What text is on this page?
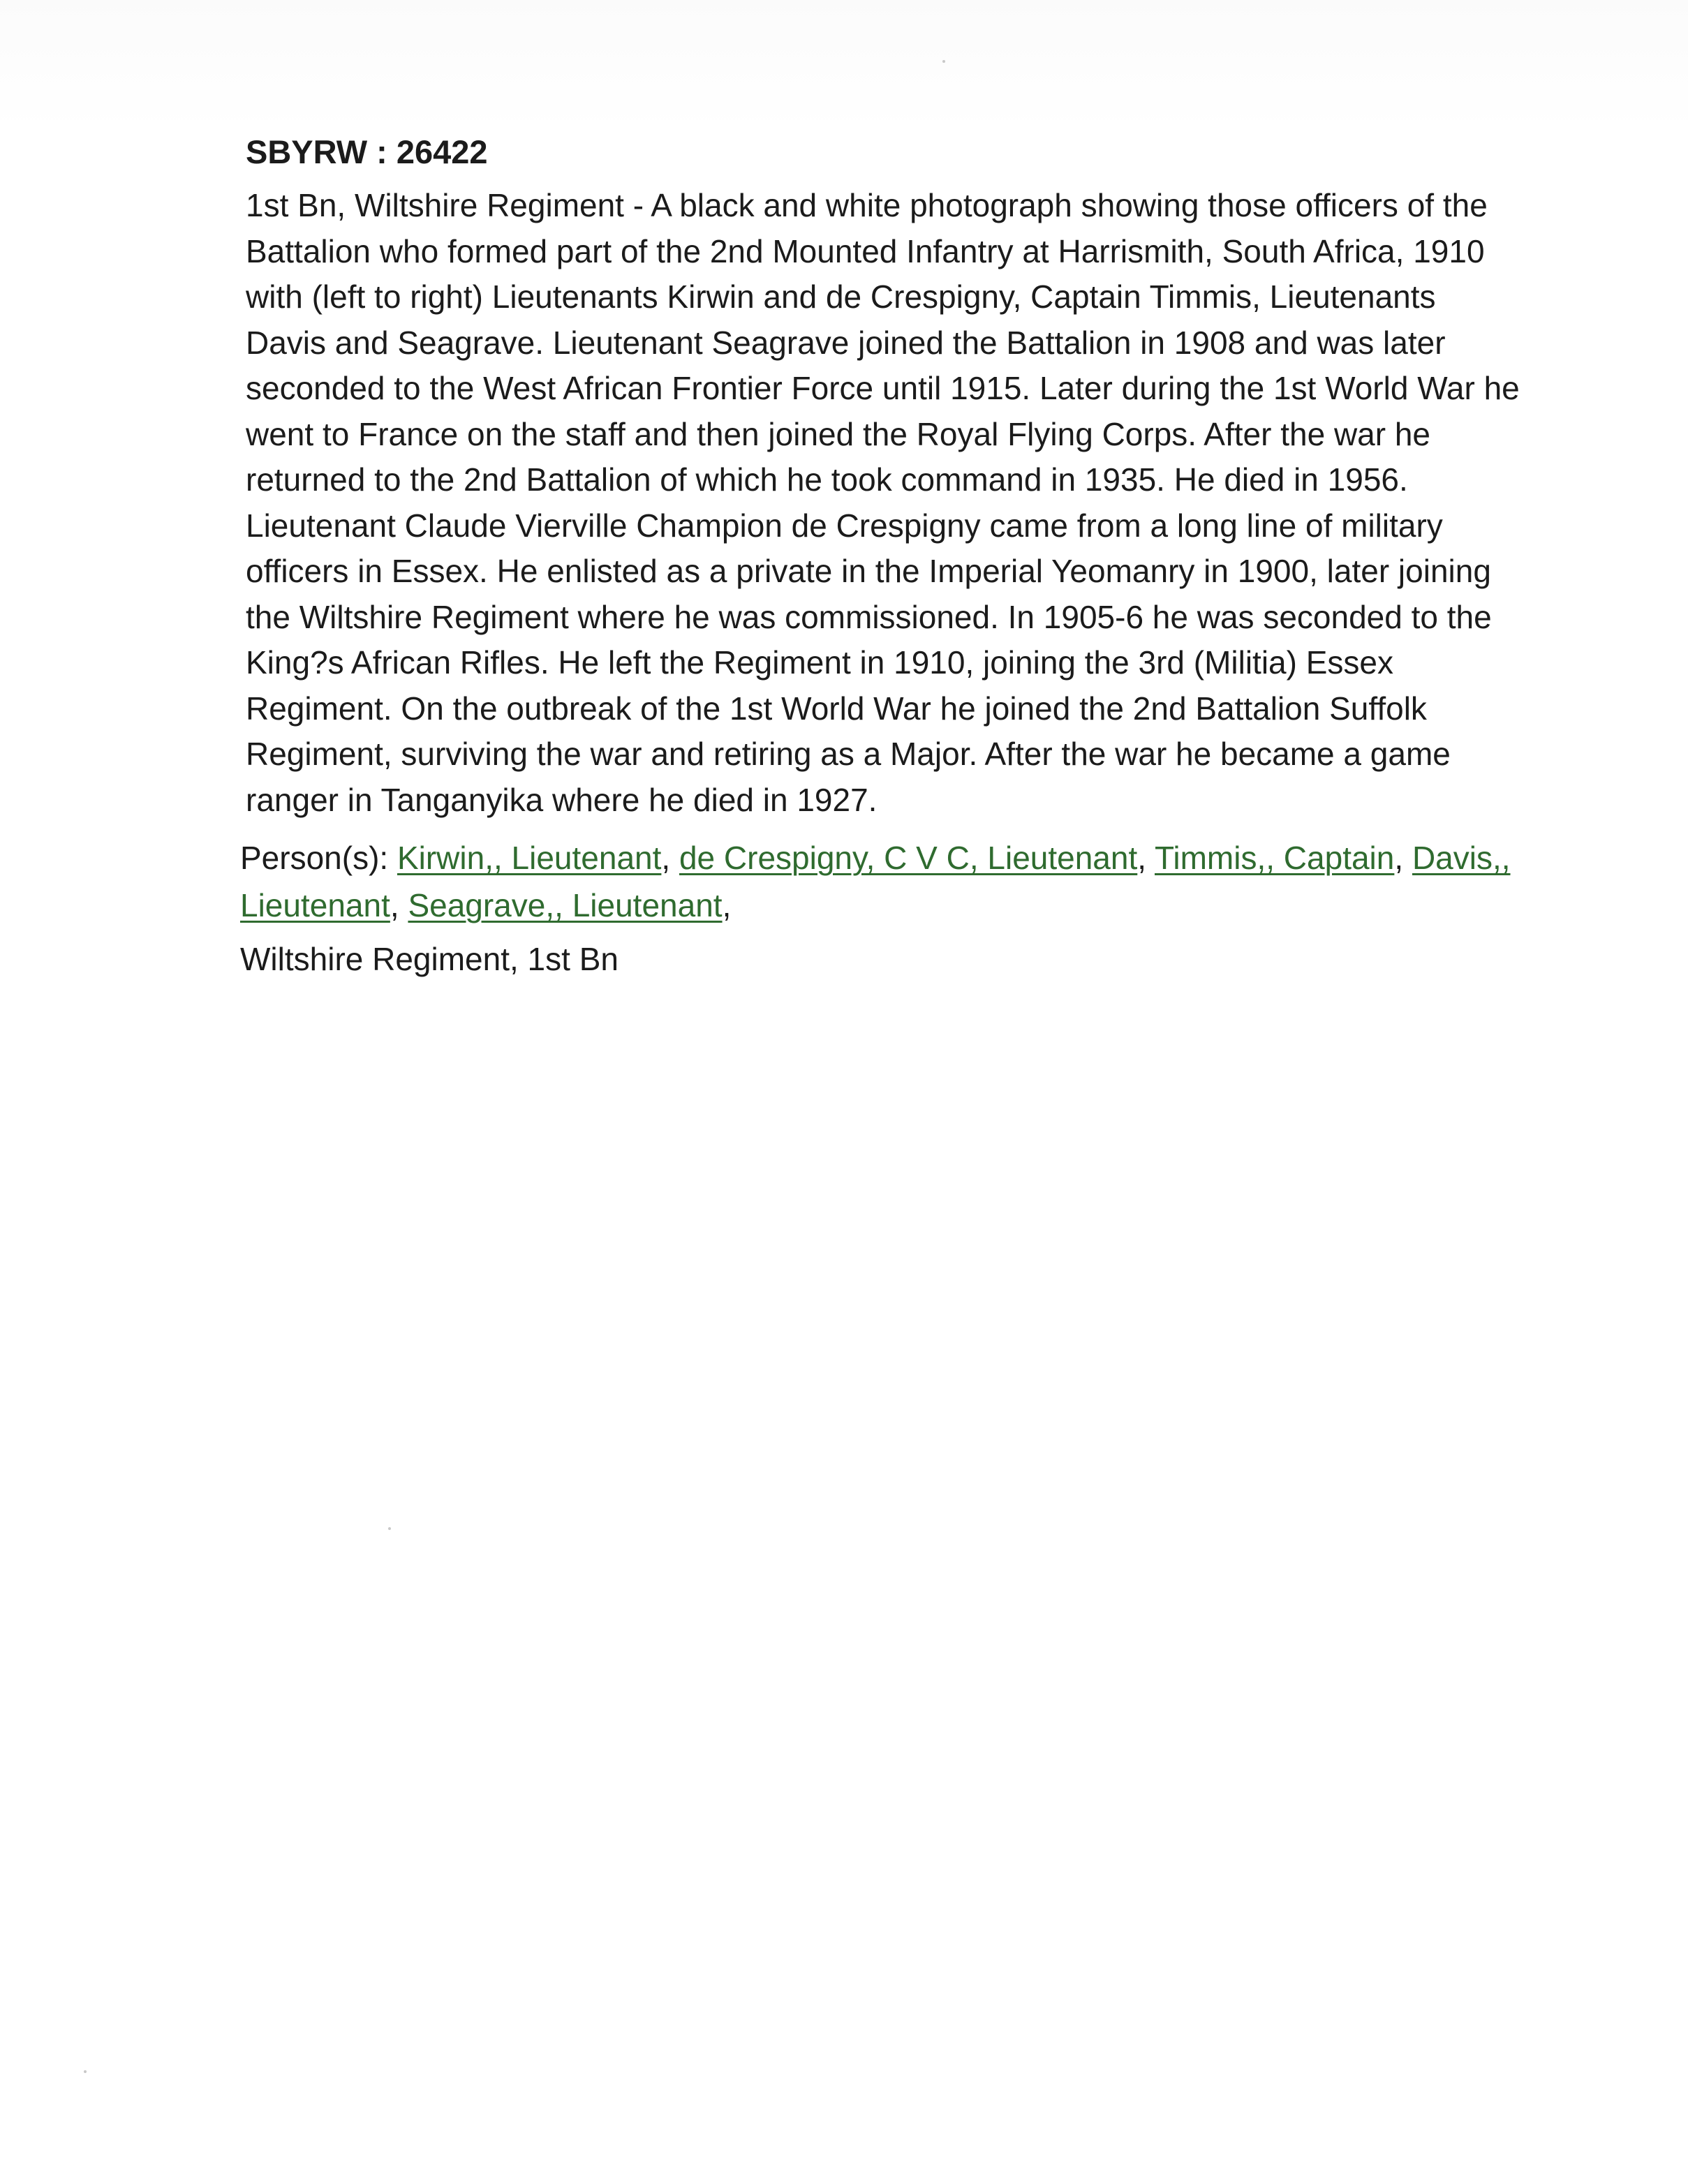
SBYRW : 26422
1st Bn, Wiltshire Regiment - A black and white photograph showing those officers of the Battalion who formed part of the 2nd Mounted Infantry at Harrismith, South Africa, 1910 with (left to right) Lieutenants Kirwin and de Crespigny, Captain Timmis, Lieutenants Davis and Seagrave. Lieutenant Seagrave joined the Battalion in 1908 and was later seconded to the West African Frontier Force until 1915. Later during the 1st World War he went to France on the staff and then joined the Royal Flying Corps. After the war he returned to the 2nd Battalion of which he took command in 1935. He died in 1956. Lieutenant Claude Vierville Champion de Crespigny came from a long line of military officers in Essex. He enlisted as a private in the Imperial Yeomanry in 1900, later joining the Wiltshire Regiment where he was commissioned. In 1905-6 he was seconded to the King?s African Rifles. He left the Regiment in 1910, joining the 3rd (Militia) Essex Regiment. On the outbreak of the 1st World War he joined the 2nd Battalion Suffolk Regiment, surviving the war and retiring as a Major. After the war he became a game ranger in Tanganyika where he died in 1927.
Person(s): Kirwin,, Lieutenant, de Crespigny, C V C, Lieutenant, Timmis,, Captain, Davis,, Lieutenant, Seagrave,, Lieutenant,
Wiltshire Regiment, 1st Bn
